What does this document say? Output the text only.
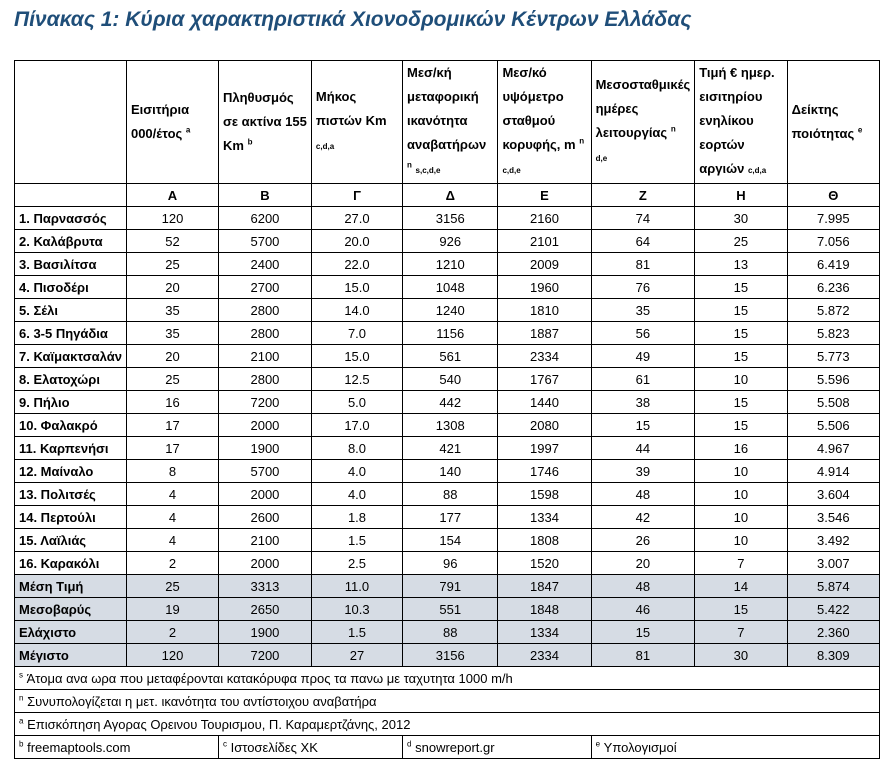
Πίνακας 1: Κύρια χαρακτηριστικά Χιονοδρομικών Κέντρων Ελλάδας
	Εισιτήρια 000/έτος $^a$	Πληθυσμός σε ακτίνα 155 Km $^b$	Μήκος πιστών Km c,d,a	Μεσ/κή μεταφορική ικανότητα αναβατήρων $^n$ s,c,d,e	Μεσ/κό υψόμετρο σταθμού κορυφής, m $^n$ c,d,e	Μεσοσταθμικές ημέρες λειτουργίας $^n$ d,e	Τιμή € ημερ. εισιτηρίου ενηλίκου εορτών αργιών c,d,a	Δείκτης ποιότητας $^e$
	Α	Β	Γ	Δ	Ε	Ζ	Η	Θ
1. Παρνασσός	120	6200	27.0	3156	2160	74	30	7.995
2. Καλάβρυτα	52	5700	20.0	926	2101	64	25	7.056
3. Βασιλίτσα	25	2400	22.0	1210	2009	81	13	6.419
4. Πισοδέρι	20	2700	15.0	1048	1960	76	15	6.236
5. Σέλι	35	2800	14.0	1240	1810	35	15	5.872
6. 3-5 Πηγάδια	35	2800	7.0	1156	1887	56	15	5.823
7. Καϊμακτσαλάν	20	2100	15.0	561	2334	49	15	5.773
8. Ελατοχώρι	25	2800	12.5	540	1767	61	10	5.596
9. Πήλιο	16	7200	5.0	442	1440	38	15	5.508
10. Φαλακρό	17	2000	17.0	1308	2080	15	15	5.506
11. Καρπενήσι	17	1900	8.0	421	1997	44	16	4.967
12. Μαίναλο	8	5700	4.0	140	1746	39	10	4.914
13. Πολιτσές	4	2000	4.0	88	1598	48	10	3.604
14. Περτούλι	4	2600	1.8	177	1334	42	10	3.546
15. Λαϊλιάς	4	2100	1.5	154	1808	26	10	3.492
16. Καρακόλι	2	2000	2.5	96	1520	20	7	3.007
Μέση Τιμή	25	3313	11.0	791	1847	48	14	5.874
Μεσοβαρύς	19	2650	10.3	551	1848	46	15	5.422
Ελάχιστο	2	1900	1.5	88	1334	15	7	2.360
Μέγιστο	120	7200	27	3156	2334	81	30	8.309
$^s$ Άτομα ανα ωρα που μεταφέρονται κατακόρυφα προς τα πανω με ταχυτητα 1000 m/h								
$^n$ Συνυπολογίζεται η μετ. ικανότητα του αντίστοιχου αναβατήρα								
$^a$ Επισκόπηση Αγορας Ορεινου Τουρισμου, Π. Καραμερτζάνης, 2012								
$^b$ freemaptools.com		$^c$ Ιστοσελίδες ΧΚ		$^d$ snowreport.gr		$^e$ Υπολογισμοί		
